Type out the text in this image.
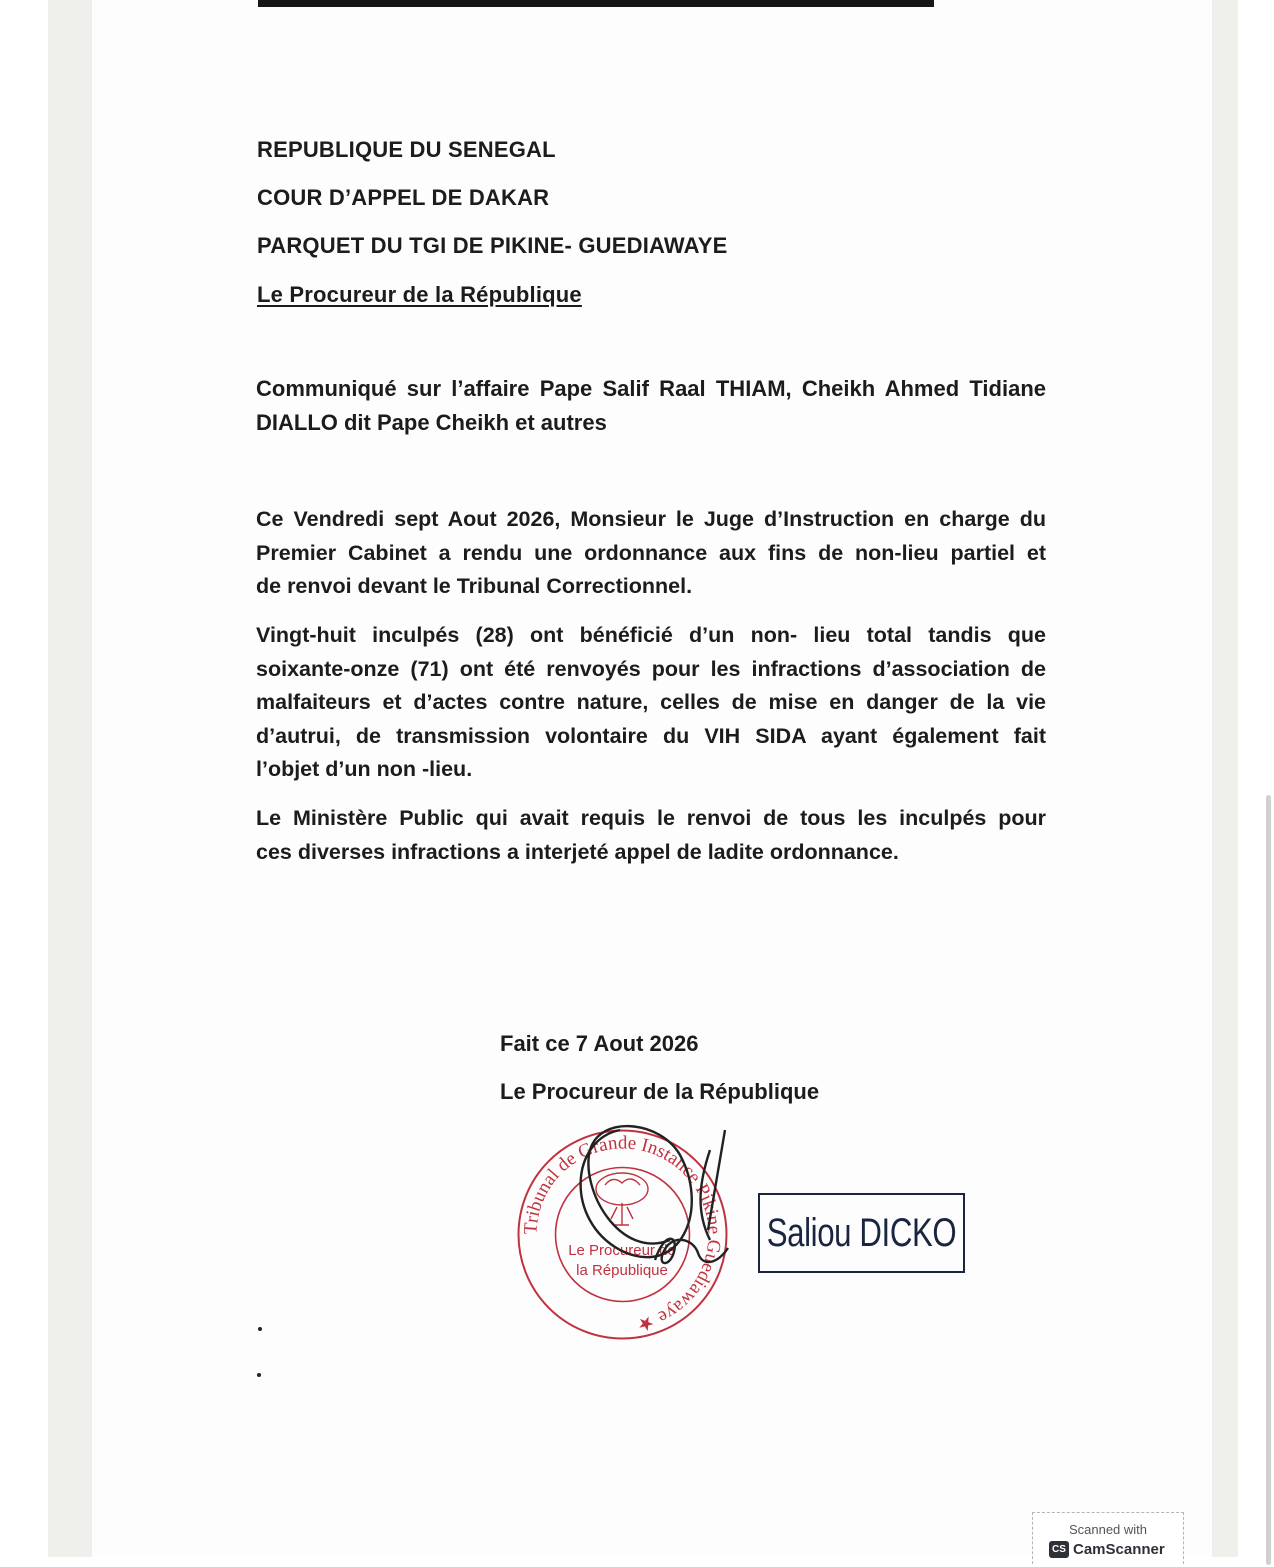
REPUBLIQUE DU SENEGAL
COUR D’APPEL DE DAKAR
PARQUET DU TGI DE PIKINE- GUEDIAWAYE
Le Procureur de la République
Communiqué sur l’affaire Pape Salif Raal THIAM, Cheikh Ahmed Tidiane
DIALLO dit Pape Cheikh et autres
Ce Vendredi sept Aout 2026, Monsieur le Juge d’Instruction en charge du
Premier Cabinet a rendu une ordonnance aux fins de non-lieu partiel et
de renvoi devant le Tribunal Correctionnel.
Vingt-huit inculpés (28) ont bénéficié d’un non- lieu total tandis que
soixante-onze (71) ont été renvoyés pour les infractions d’association de
malfaiteurs et d’actes contre nature, celles de mise en danger de la vie
d’autrui, de transmission volontaire du VIH SIDA ayant également fait
l’objet d’un non -lieu.
Le Ministère Public qui avait requis le renvoi de tous les inculpés pour
ces diverses infractions a interjeté appel de ladite ordonnance.
Fait ce 7 Aout 2026
Le Procureur de la République
Tribunal de Grande Instance Pikine Guediawaye ★
Le Procureur de
la République
Saliou DICKO
Scanned with
CS CamScanner
